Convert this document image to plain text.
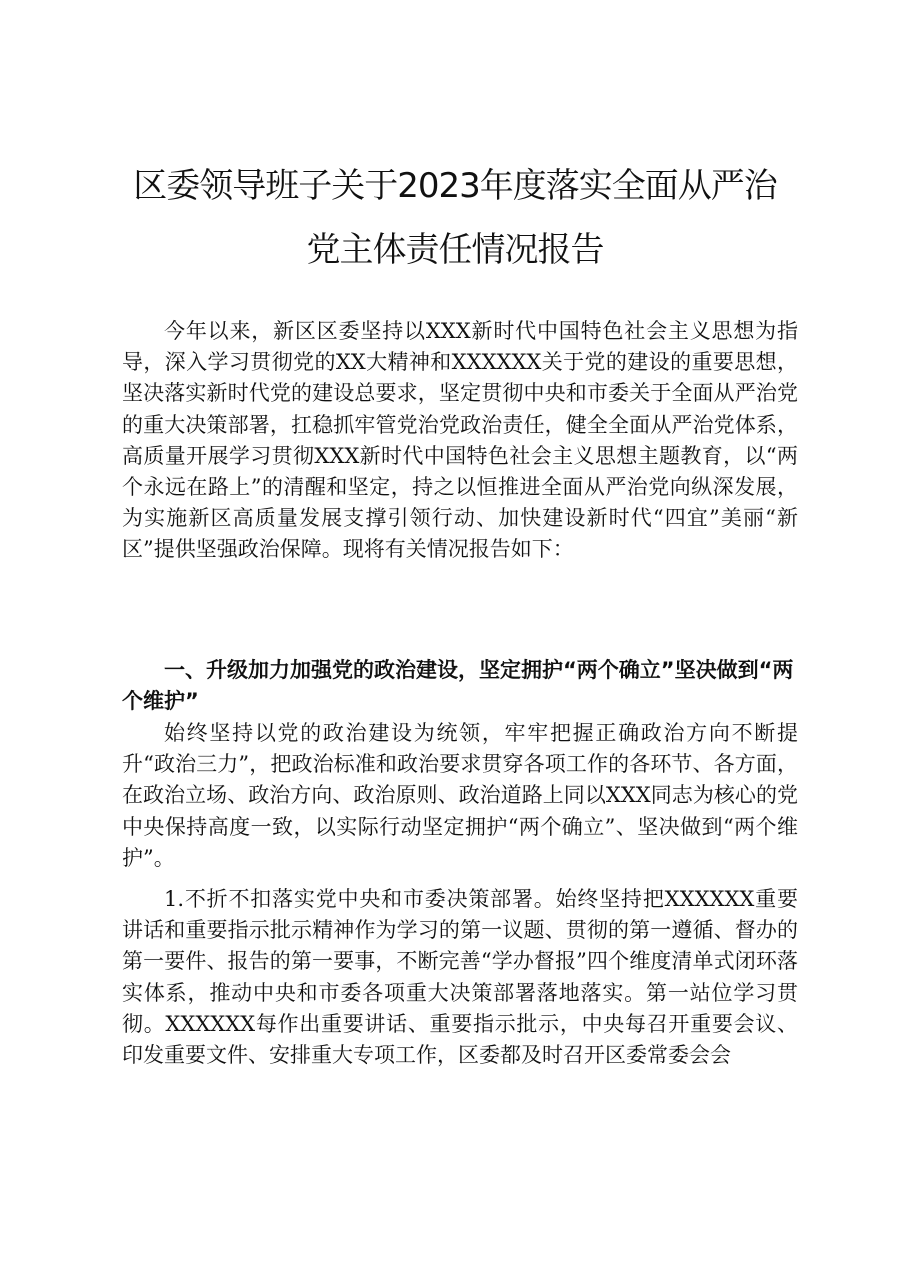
区委领导班子关于2023年度落实全面从严治
党主体责任情况报告

今年以来，新区区委坚持以XXX新时代中国特色社会主义思想为指导，深入学习贯彻党的XX大精神和XXXXXX关于党的建设的重要思想，坚决落实新时代党的建设总要求，坚定贯彻中央和市委关于全面从严治党的重大决策部署，扛稳抓牢管党治党政治责任，健全全面从严治党体系，高质量开展学习贯彻XXX新时代中国特色社会主义思想主题教育，以“两个永远在路上”的清醒和坚定，持之以恒推进全面从严治党向纵深发展，为实施新区高质量发展支撑引领行动、加快建设新时代“四宜”美丽“新区”提供坚强政治保障。现将有关情况报告如下：

一、升级加力加强党的政治建设，坚定拥护“两个确立”坚决做到“两个维护”

始终坚持以党的政治建设为统领，牢牢把握正确政治方向不断提升“政治三力”，把政治标准和政治要求贯穿各项工作的各环节、各方面，在政治立场、政治方向、政治原则、政治道路上同以XXX同志为核心的党中央保持高度一致，以实际行动坚定拥护“两个确立”、坚决做到“两个维护”。

1.不折不扣落实党中央和市委决策部署。始终坚持把XXXXXX重要讲话和重要指示批示精神作为学习的第一议题、贯彻的第一遵循、督办的第一要件、报告的第一要事，不断完善“学办督报”四个维度清单式闭环落实体系，推动中央和市委各项重大决策部署落地落实。第一站位学习贯彻。XXXXXX每作出重要讲话、重要指示批示，中央每召开重要会议、印发重要文件、安排重大专项工作，区委都及时召开区委常委会会
